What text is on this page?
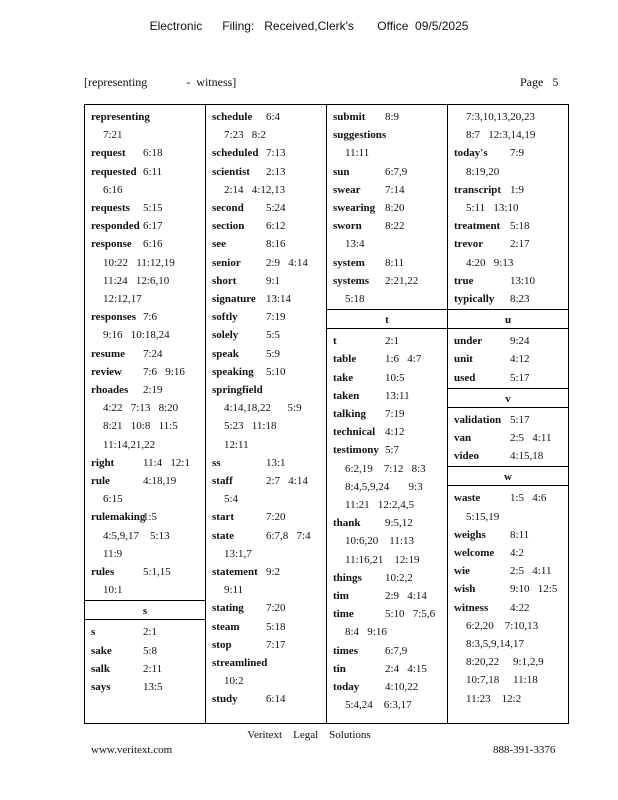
Electronic      Filing:   Received,Clerk's       Office  09/5/2025
[representing             -  witness]	Page   5
representing
7:21
request 6:18
requested 6:11
6:16
requests 5:15
responded 6:17
response 6:16
10:22   11:12,19
11:24   12:6,10
12:12,17
responses 7:6
9:16   10:18,24
resume 7:24
review 7:6   9:16
rhoades 2:19
4:22   7:13   8:20
8:21   10:8   11:5
11:14,21,22
right	11:4   12:1
rule	4:18,19
6:15
rulemaking
1:5
4:5,9,17    5:13
11:9
rules	5:1,15
10:1
s
s	2:1
sake	5:8
salk	2:11
says	13:5
schedule 6:4
7:23   8:2
scheduled 7:13
scientist 2:13
2:14   4:12,13
second 5:24
section 6:12
see	8:16
senior 2:9   4:14
short	9:1
signature 13:14
softly	7:19
solely	5:5
speak 5:9
speaking 5:10
springfield
4:14,18,22      5:9
5:23   11:18
12:11
ss	13:1
staff	2:7   4:14
5:4
start	7:20
state	6:7,8   7:4
13:1,7
statement 9:2
9:11
stating 7:20
steam 5:18
stop	7:17
streamlined
10:2
study	6:14
submit 8:9
suggestions
11:11
sun	6:7,9
swear 7:14
swearing 8:20
sworn 8:22
13:4
system 8:11
systems 2:21,22
5:18
t
t	2:1
table	1:6   4:7
take	10:5
taken 13:11
talking 7:19
technical 4:12
testimony 5:7
6:2,19    7:12   8:3
8:4,5,9,24       9:3
11:21   12:2,4,5
thank 9:5,12
10:6,20    11:13
11:16,21    12:19
things 10:2,2
tim	2:9   4:14
time	5:10   7:5,6
8:4   9:16
times 6:7,9
tin	2:4   4:15
today 4:10,22
5:4,24    6:3,17
7:3,10,13,20,23
8:7   12:3,14,19
today's 7:9
8:19,20
transcript 1:9
5:11   13:10
treatment 5:18
trevor 2:17
4:20   9:13
true	13:10
typically 8:23
u
under	9:24
unit	4:12
used	5:17
v
validation 5:17
van	2:5   4:11
video	4:15,18
w
waste	1:5   4:6
5:15,19
weighs 8:11
welcome 4:2
wie	2:5   4:11
wish	9:10   12:5
witness 4:22
6:2,20    7:10,13
8:3,5,9,14,17
8:20,22     9:1,2,9
10:7,18     11:18
11:23    12:2
Veritext    Legal    Solutions
www.veritext.com	888-391-3376
